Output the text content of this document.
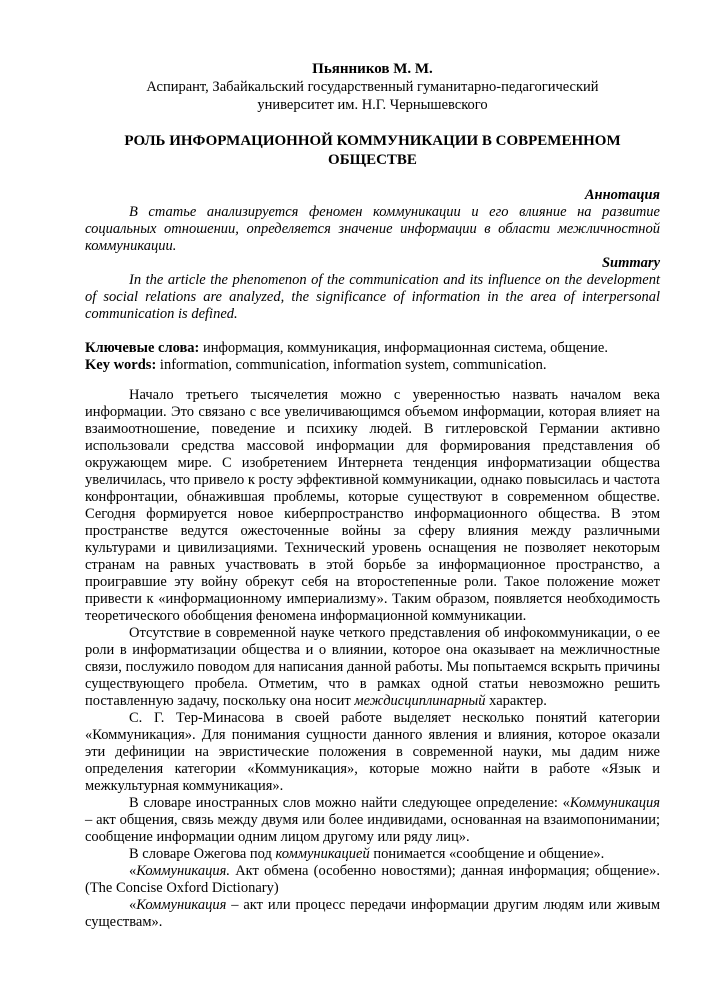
Пьянников М. М.
Аспирант, Забайкальский государственный гуманитарно-педагогический
университет им. Н.Г. Чернышевского
РОЛЬ ИНФОРМАЦИОННОЙ КОММУНИКАЦИИ В СОВРЕМЕННОМ
ОБЩЕСТВЕ
Аннотация

В статье анализируется феномен коммуникации и его влияние на развитие социальных отношении, определяется значение информации в области межличностной коммуникации.

Summary

In the article the phenomenon of the communication and its influence on the development of social relations are analyzed, the significance of information in the area of interpersonal communication is defined.

Ключевые слова: информация, коммуникация, информационная система, общение.

Key words: information, communication, information system, communication.

Начало третьего тысячелетия можно с уверенностью назвать началом века информации. Это связано с все увеличивающимся объемом информации, которая влияет на взаимоотношение, поведение и психику людей. В гитлеровской Германии активно использовали средства массовой информации для формирования представления об окружающем мире. С изобретением Интернета тенденция информатизации общества увеличилась, что привело к росту эффективной коммуникации, однако повысилась и частота конфронтации, обнажившая проблемы, которые существуют в современном обществе. Сегодня формируется новое киберпространство информационного общества. В этом пространстве ведутся ожесточенные войны за сферу влияния между различными культурами и цивилизациями. Технический уровень оснащения не позволяет некоторым странам на равных участвовать в этой борьбе за информационное пространство, а проигравшие эту войну обрекут себя на второстепенные роли. Такое положение может привести к «информационному империализму». Таким образом, появляется необходимость теоретического обобщения феномена информационной коммуникации.

Отсутствие в современной науке четкого представления об инфокоммуникации, о ее роли в информатизации общества и о влиянии, которое она оказывает на межличностные связи, послужило поводом для написания данной работы. Мы попытаемся вскрыть причины существующего пробела. Отметим, что в рамках одной статьи невозможно решить поставленную задачу, поскольку она носит междисциплинарный характер.

С. Г. Тер-Минасова в своей работе выделяет несколько понятий категории «Коммуникация». Для понимания сущности данного явления и влияния, которое оказали эти дефиниции на эвристические положения в современной науки, мы дадим ниже определения категории «Коммуникация», которые можно найти в работе «Язык и межкультурная коммуникация».

В словаре иностранных слов можно найти следующее определение: «Коммуникация – акт общения, связь между двумя или более индивидами, основанная на взаимопонимании; сообщение информации одним лицом другому или ряду лиц».

В словаре Ожегова под коммуникацией понимается «сообщение и общение».

«Коммуникация. Акт обмена (особенно новостями); данная информация; общение». (The Concise Oxford Dictionary)

«Коммуникация – акт или процесс передачи информации другим людям или живым существам».
